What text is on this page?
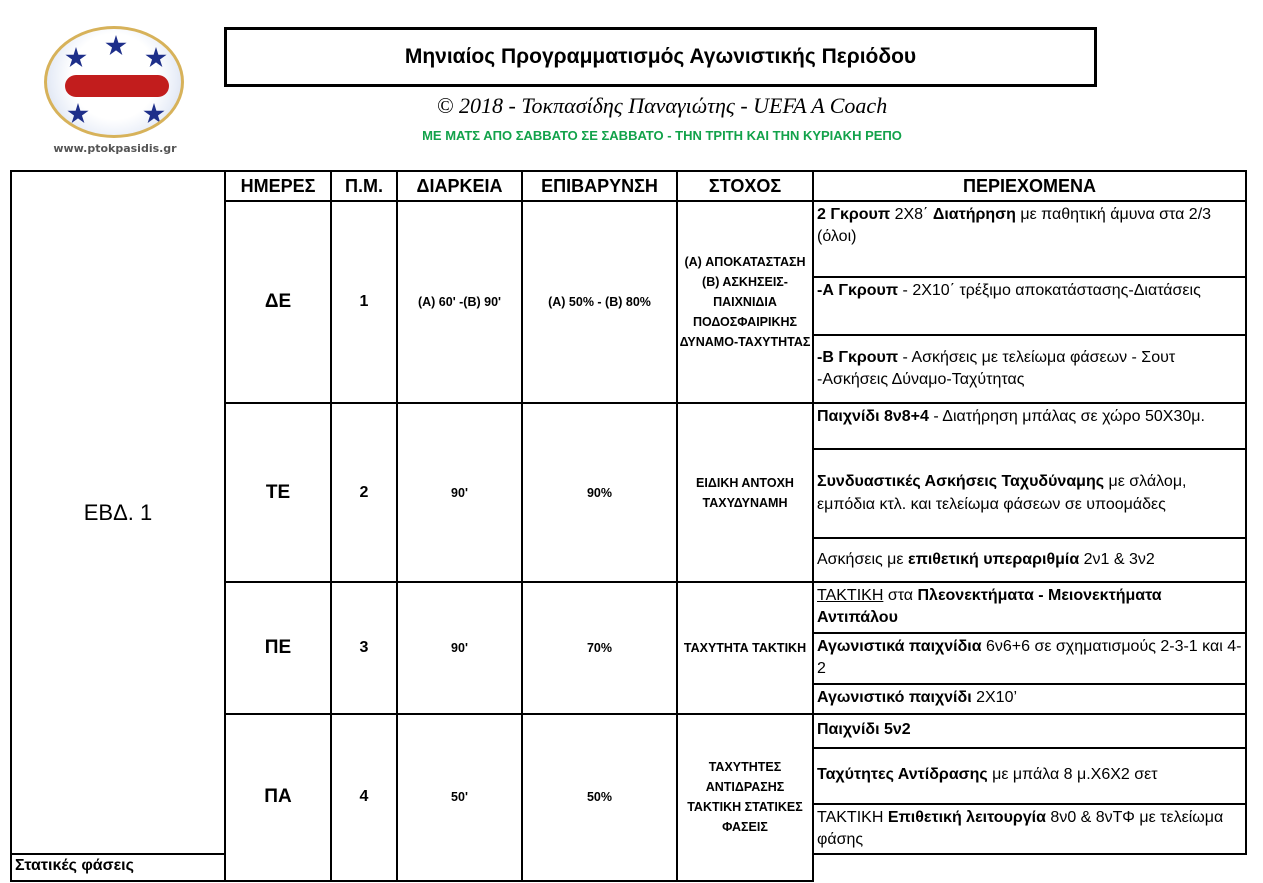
www.ptokpasidis.gr
Μηνιαίος Προγραμματισμός Αγωνιστικής Περιόδου
© 2018 - Τοκπασίδης Παναγιώτης - UEFA A Coach
ΜΕ ΜΑΤΣ ΑΠΟ ΣΑΒΒΑΤΟ ΣΕ ΣΑΒΒΑΤΟ - ΤΗΝ ΤΡΙΤΗ ΚΑΙ ΤΗΝ ΚΥΡΙΑΚΗ ΡΕΠΟ
ΕΒΔ. 1	ΗΜΕΡΕΣ	Π.Μ.	ΔΙΑΡΚΕΙΑ	ΕΠΙΒΑΡΥΝΣΗ	ΣΤΟΧΟΣ	ΠΕΡΙΕΧΟΜΕΝΑ
	ΔΕ	1	(A) 60' -(B) 90'	(A) 50% - (B) 80%	(A) ΑΠΟΚΑΤΑΣΤΑΣΗ (B) ΑΣΚΗΣΕΙΣ-ΠΑΙΧΝΙΔΙΑ ΠΟΔΟΣΦΑΙΡΙΚΗΣ ΔΥΝΑΜΟ-ΤΑΧΥΤΗΤΑΣ	2 Γκρουπ 2Χ8΄ Διατήρηση με παθητική άμυνα στα 2/3 (όλοι)
						-Α Γκρουπ - 2Χ10΄ τρέξιμο αποκατάστασης-Διατάσεις
						-Β Γκρουπ - Ασκήσεις με τελείωμα φάσεων - Σουτ -Ασκήσεις Δύναμο-Ταχύτητας
	ΤΕ	2	90'	90%	ΕΙΔΙΚΗ ΑΝΤΟΧΗ ΤΑΧΥΔΥΝΑΜΗ	Παιχνίδι 8ν8+4 - Διατήρηση μπάλας σε χώρο 50Χ30μ.
						Συνδυαστικές Ασκήσεις Ταχυδύναμης με σλάλομ, εμπόδια κτλ. και τελείωμα φάσεων σε υποομάδες
						Ασκήσεις με επιθετική υπεραριθμία 2ν1 & 3ν2
	ΠΕ	3	90'	70%	ΤΑΧΥΤΗΤΑ ΤΑΚΤΙΚΗ	ΤΑΚΤΙΚΗ στα Πλεονεκτήματα - Μειονεκτήματα Αντιπάλου
						Αγωνιστικά παιχνίδια 6ν6+6 σε σχηματισμούς 2-3-1 και 4-2
						Αγωνιστικό παιχνίδι 2Χ10’
	ΠΑ	4	50'	50%	ΤΑΧΥΤΗΤΕΣ ΑΝΤΙΔΡΑΣΗΣ ΤΑΚΤΙΚΗ ΣΤΑΤΙΚΕΣ ΦΑΣΕΙΣ	Παιχνίδι 5ν2
						Ταχύτητες Αντίδρασης με μπάλα 8 μ.Χ6Χ2 σετ
						ΤΑΚΤΙΚΗ Επιθετική λειτουργία 8ν0 & 8νΤΦ με τελείωμα φάσης
Στατικές φάσεις						
